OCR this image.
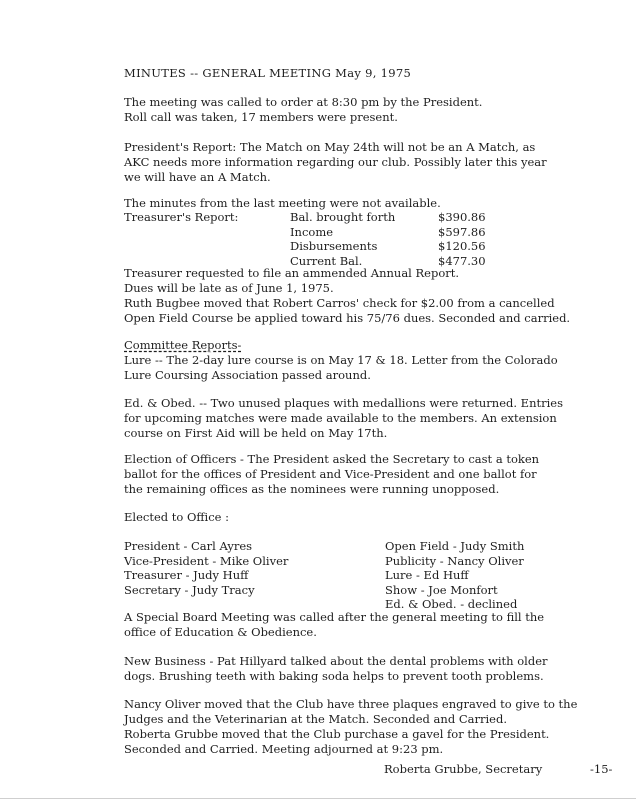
MINUTES -- GENERAL MEETING May 9, 1975
The meeting was called to order at 8:30 pm by the President.
Roll call was taken, 17 members were present.
President's Report: The Match on May 24th will not be an A Match, as
AKC needs more information regarding our club. Possibly later this year
we will have an A Match.
The minutes from the last meeting were not available.
Treasurer's Report:	Bal. brought forth
Income
Disbursements
Current Bal.
$390.86
$597.86
$120.56
$477.30
Treasurer requested to file an ammended Annual Report.
Dues will be late as of June 1, 1975.
Ruth Bugbee moved that Robert Carros' check for $2.00 from a cancelled
Open Field Course be applied toward his 75/76 dues. Seconded and carried.
Committee Reports-
Lure -- The 2-day lure course is on May 17 & 18. Letter from the Colorado
Lure Coursing Association passed around.
Ed. & Obed. -- Two unused plaques with medallions were returned. Entries
for upcoming matches were made available to the members. An extension
course on First Aid will be held on May 17th.
Election of Officers - The President asked the Secretary to cast a token
ballot for the offices of President and Vice-President and one ballot for
the remaining offices as the nominees were running unopposed.
Elected to Office :
President - Carl Ayres
Vice-President - Mike Oliver
Treasurer - Judy Huff
Secretary - Judy Tracy
Open Field - Judy Smith
Publicity - Nancy Oliver
Lure - Ed Huff
Show - Joe Monfort
Ed. & Obed. - declined
A Special Board Meeting was called after the general meeting to fill the
office of Education & Obedience.
New Business - Pat Hillyard talked about the dental problems with older
dogs. Brushing teeth with baking soda helps to prevent tooth problems.
Nancy Oliver moved that the Club have three plaques engraved to give to the
Judges and the Veterinarian at the Match. Seconded and Carried.
Roberta Grubbe moved that the Club purchase a gavel for the President.
Seconded and Carried. Meeting adjourned at 9:23 pm.
Roberta Grubbe, Secretary	-15-
